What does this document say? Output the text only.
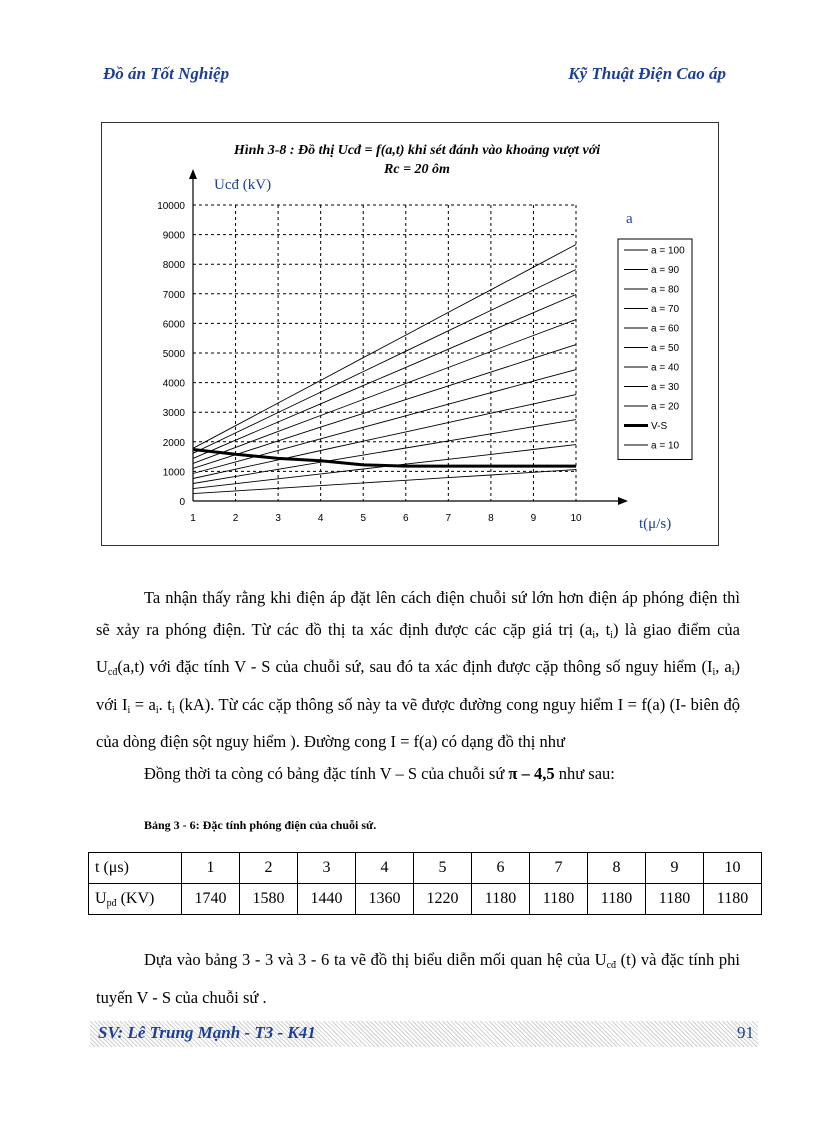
Đồ án Tốt Nghiệp	Kỹ Thuật Điện Cao áp
Hình 3-8 : Đồ thị Ucđ = f(a,t) khi sét đánh vào khoảng vượt với
Rc = 20 ôm
Ucđ (kV)
t(μ/s)
0
1000
2000
3000
4000
5000
6000
7000
8000
9000
10000
1	2	3	4	5	6	7	8	9	10
a
a = 100
a = 90
a = 80
a = 70
a = 60
a = 50
a = 40
a = 30
a = 20
V-S
a = 10

Ta nhận thấy rằng khi điện áp đặt lên cách điện chuỗi sứ lớn hơn điện áp phóng điện thì sẽ xảy ra phóng điện. Từ các đồ thị ta xác định được các cặp giá trị ($a_i$, $t_i$) là giao điểm của $U_{cđ}(a,t)$ với đặc tính V - S của chuỗi sứ, sau đó ta xác định được cặp thông số nguy hiểm ($I_i$, $a_i$) với $I_i = a_i$. $t_i$ (kA). Từ các cặp thông số này ta vẽ được đường cong nguy hiểm I = f(a) (I- biên độ của dòng điện sột nguy hiểm ). Đường cong I = f(a) có dạng đồ thị như

Đồng thời ta còng có bảng đặc tính V – S của chuỗi sứ π – 4,5 như sau:

Bảng 3 - 6: Đặc tính phóng điện của chuỗi sứ.
t (μs)	1	2	3	4	5	6	7	8	9	10
$U_{pđ}$ (KV)	1740	1580	1440	1360	1220	1180	1180	1180	1180	1180

Dựa vào bảng 3 - 3 và 3 - 6 ta vẽ đồ thị biểu diễn mối quan hệ của $U_{cđ}$ (t) và đặc tính phi tuyến V - S của chuỗi sứ .

SV: Lê Trung Mạnh - T3 - K41	91
